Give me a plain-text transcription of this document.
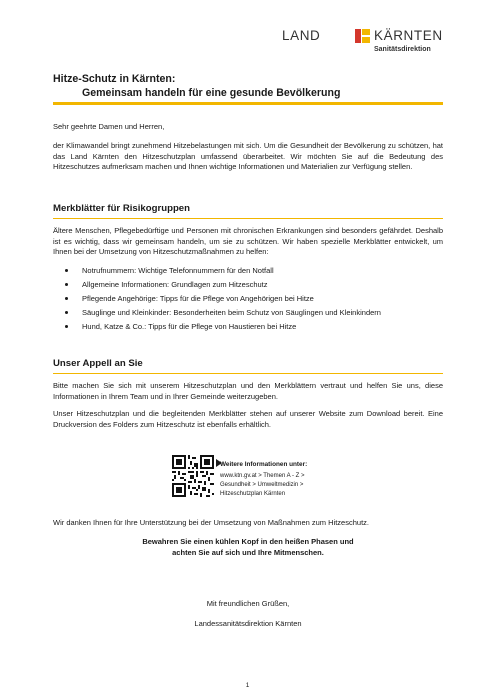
LAND	KÄRNTEN
Sanitätsdirektion
Hitze-Schutz in Kärnten:
Gemeinsam handeln für eine gesunde Bevölkerung
Sehr geehrte Damen und Herren,
der Klimawandel bringt zunehmend Hitzebelastungen mit sich. Um die Gesundheit der Bevölkerung zu schützen, hat das Land Kärnten den Hitzeschutzplan umfassend überarbeitet. Wir möchten Sie auf die Bedeutung des Hitzeschutzes aufmerksam machen und Ihnen wichtige Informationen und Materialien zur Verfügung stellen.
Merkblätter für Risikogruppen
Ältere Menschen, Pflegebedürftige und Personen mit chronischen Erkrankungen sind besonders gefährdet. Deshalb ist es wichtig, dass wir gemeinsam handeln, um sie zu schützen. Wir haben spezielle Merkblätter entwickelt, um Ihnen bei der Umsetzung von Hitzeschutzmaßnahmen zu helfen:
Notrufnummern: Wichtige Telefonnummern für den Notfall
Allgemeine Informationen: Grundlagen zum Hitzeschutz
Pflegende Angehörige: Tipps für die Pflege von Angehörigen bei Hitze
Säuglinge und Kleinkinder: Besonderheiten beim Schutz von Säuglingen und Kleinkindern
Hund, Katze & Co.: Tipps für die Pflege von Haustieren bei Hitze
Unser Appell an Sie
Bitte machen Sie sich mit unserem Hitzeschutzplan und den Merkblättern vertraut und helfen Sie uns, diese Informationen in Ihrem Team und in Ihrer Gemeinde weiterzugeben.
Unser Hitzeschutzplan und die begleitenden Merkblätter stehen auf unserer Website zum Download bereit. Eine Druckversion des Folders zum Hitzeschutz ist ebenfalls erhältlich.
Weitere Informationen unter:
www.ktn.gv.at > Themen A - Z >
Gesundheit > Umweltmedizin >
Hitzeschutzplan Kärnten
Wir danken Ihnen für Ihre Unterstützung bei der Umsetzung von Maßnahmen zum Hitzeschutz.
Bewahren Sie einen kühlen Kopf in den heißen Phasen und
achten Sie auf sich und Ihre Mitmenschen.
Mit freundlichen Grüßen,
Landessanitätsdirektion Kärnten
1
